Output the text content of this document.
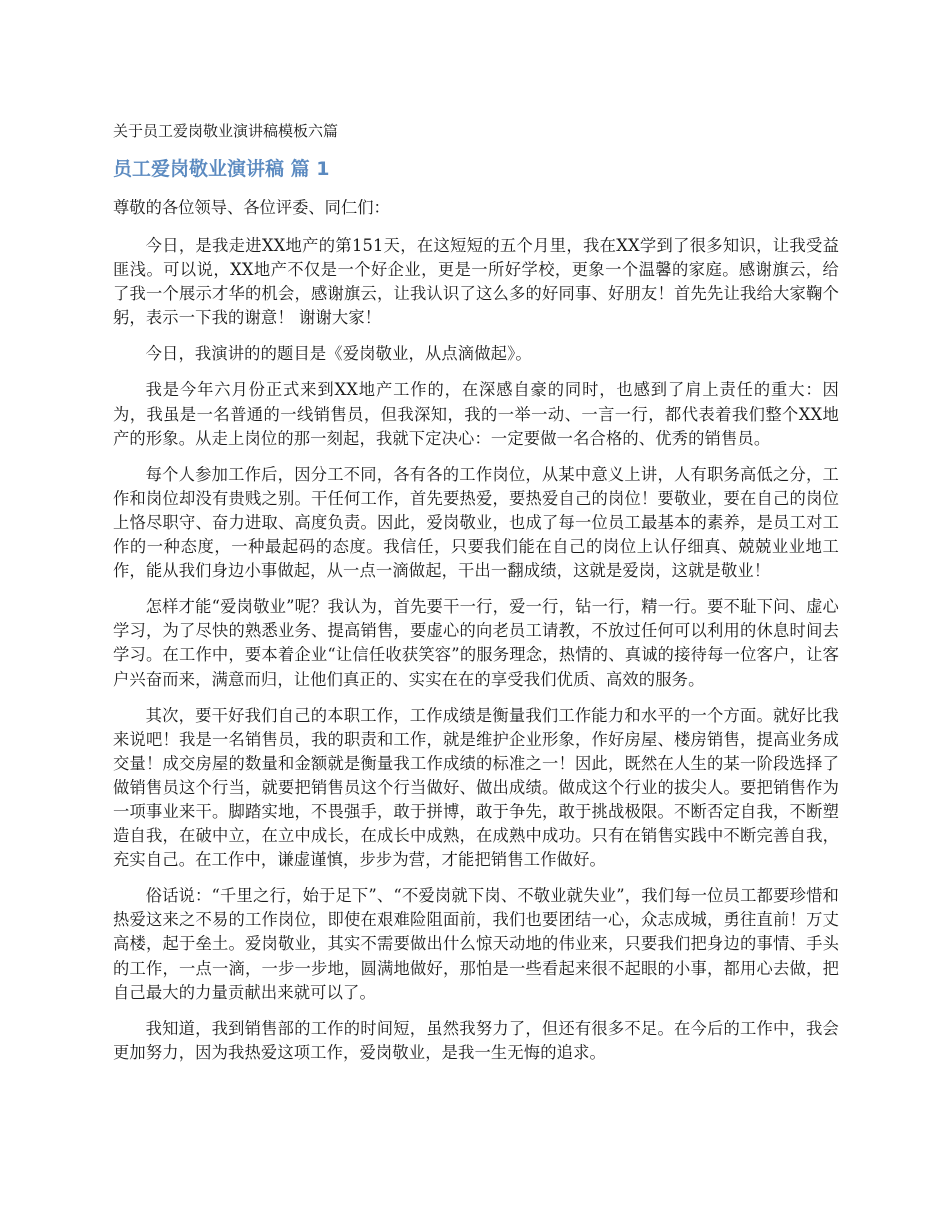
关于员工爱岗敬业演讲稿模板六篇
员工爱岗敬业演讲稿 篇 1
尊敬的各位领导、各位评委、同仁们：

今日，是我走进XX地产的第151天，在这短短的五个月里，我在XX学到了很多知识，让我受益匪浅。可以说，XX地产不仅是一个好企业，更是一所好学校，更象一个温馨的家庭。感谢旗云，给了我一个展示才华的机会，感谢旗云，让我认识了这么多的好同事、好朋友！首先先让我给大家鞠个躬，表示一下我的谢意！ 谢谢大家！

今日，我演讲的的题目是《爱岗敬业，从点滴做起》。

我是今年六月份正式来到XX地产工作的，在深感自豪的同时，也感到了肩上责任的重大：因为，我虽是一名普通的一线销售员，但我深知，我的一举一动、一言一行，都代表着我们整个XX地产的形象。从走上岗位的那一刻起，我就下定决心：一定要做一名合格的、优秀的销售员。

每个人参加工作后，因分工不同，各有各的工作岗位，从某中意义上讲，人有职务高低之分，工作和岗位却没有贵贱之别。干任何工作，首先要热爱，要热爱自己的岗位！要敬业，要在自己的岗位上恪尽职守、奋力进取、高度负责。因此，爱岗敬业，也成了每一位员工最基本的素养，是员工对工作的一种态度，一种最起码的态度。我信任，只要我们能在自己的岗位上认仔细真、兢兢业业地工作，能从我们身边小事做起，从一点一滴做起，干出一翻成绩，这就是爱岗，这就是敬业！

怎样才能“爱岗敬业”呢？我认为，首先要干一行，爱一行，钻一行，精一行。要不耻下问、虚心学习，为了尽快的熟悉业务、提高销售，要虚心的向老员工请教，不放过任何可以利用的休息时间去学习。在工作中，要本着企业“让信任收获笑容”的服务理念，热情的、真诚的接待每一位客户，让客户兴奋而来，满意而归，让他们真正的、实实在在的享受我们优质、高效的服务。

其次，要干好我们自己的本职工作，工作成绩是衡量我们工作能力和水平的一个方面。就好比我来说吧！我是一名销售员，我的职责和工作，就是维护企业形象，作好房屋、楼房销售，提高业务成交量！成交房屋的数量和金额就是衡量我工作成绩的标准之一！因此，既然在人生的某一阶段选择了做销售员这个行当，就要把销售员这个行当做好、做出成绩。做成这个行业的拔尖人。要把销售作为一项事业来干。脚踏实地，不畏强手，敢于拼博，敢于争先，敢于挑战极限。不断否定自我，不断塑造自我，在破中立，在立中成长，在成长中成熟，在成熟中成功。只有在销售实践中不断完善自我，充实自己。在工作中，谦虚谨慎，步步为营，才能把销售工作做好。

俗话说：“千里之行，始于足下”、“不爱岗就下岗、不敬业就失业”，我们每一位员工都要珍惜和热爱这来之不易的工作岗位，即使在艰难险阻面前，我们也要团结一心，众志成城，勇往直前！万丈高楼，起于垒土。爱岗敬业，其实不需要做出什么惊天动地的伟业来，只要我们把身边的事情、手头的工作，一点一滴，一步一步地，圆满地做好，那怕是一些看起来很不起眼的小事，都用心去做，把自己最大的力量贡献出来就可以了。

我知道，我到销售部的工作的时间短，虽然我努力了，但还有很多不足。在今后的工作中，我会更加努力，因为我热爱这项工作，爱岗敬业，是我一生无悔的追求。
